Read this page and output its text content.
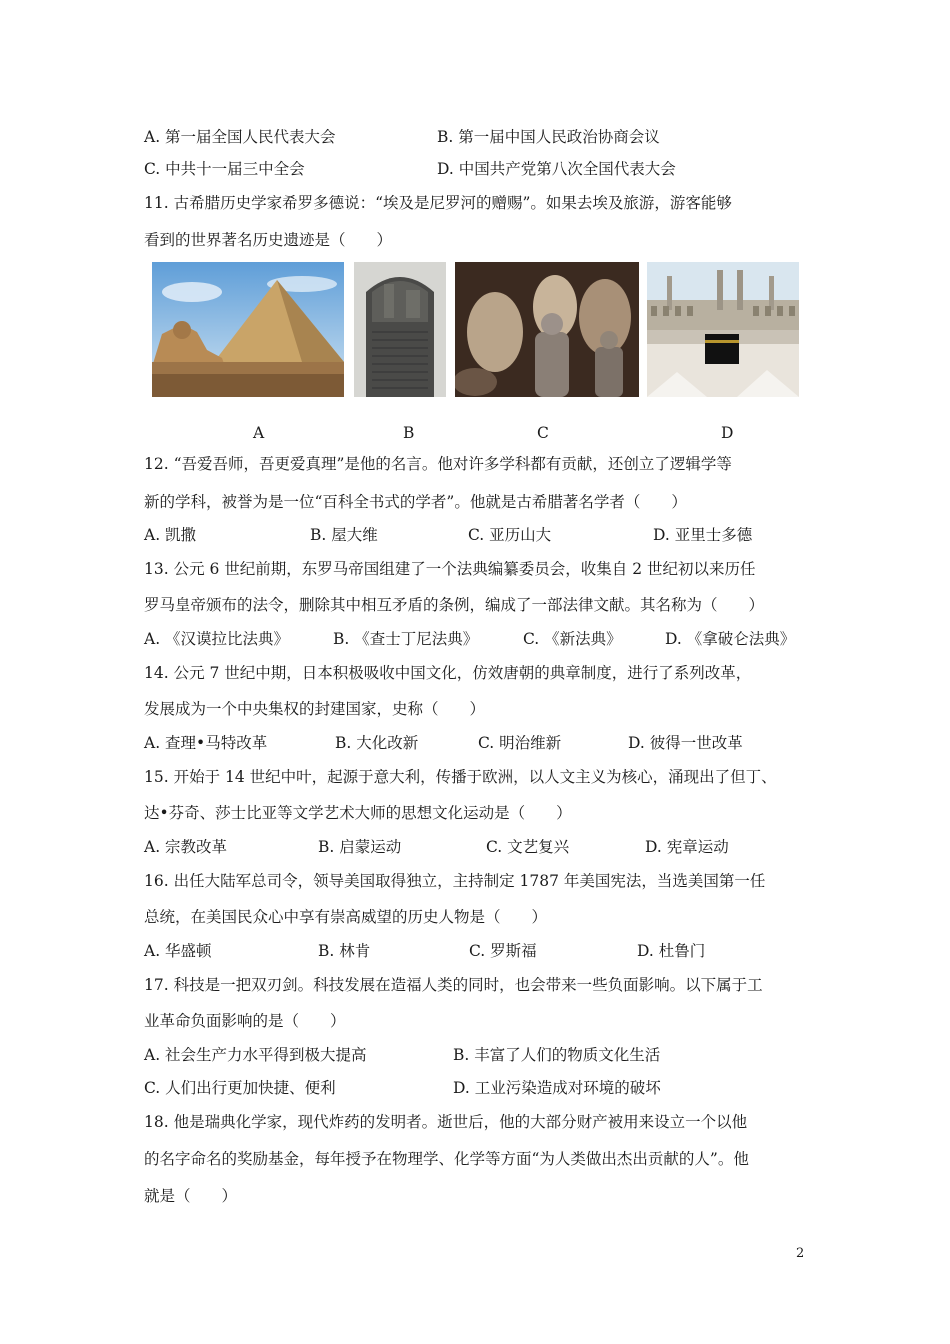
A. 第一届全国人民代表大会	B. 第一届中国人民政治协商会议
C. 中共十一届三中全会	D. 中国共产党第八次全国代表大会
11. 古希腊历史学家希罗多德说：“埃及是尼罗河的赠赐”。如果去埃及旅游，游客能够
看到的世界著名历史遗迹是（　　）
A	B	C	D
12. “吾爱吾师，吾更爱真理”是他的名言。他对许多学科都有贡献，还创立了逻辑学等
新的学科，被誉为是一位“百科全书式的学者”。他就是古希腊著名学者（　　）
A. 凯撒	B. 屋大维	C. 亚历山大	D. 亚里士多德
13. 公元 6 世纪前期，东罗马帝国组建了一个法典编纂委员会，收集自 2 世纪初以来历任
罗马皇帝颁布的法令，删除其中相互矛盾的条例，编成了一部法律文献。其名称为（　　）
A. 《汉谟拉比法典》	B. 《查士丁尼法典》	C. 《新法典》	D. 《拿破仑法典》
14. 公元 7 世纪中期，日本积极吸收中国文化，仿效唐朝的典章制度，进行了系列改革，
发展成为一个中央集权的封建国家，史称（　　）
A. 查理•马特改革	B. 大化改新	C. 明治维新	D. 彼得一世改革
15. 开始于 14 世纪中叶，起源于意大利，传播于欧洲，以人文主义为核心，涌现出了但丁、
达•芬奇、莎士比亚等文学艺术大师的思想文化运动是（　　）
A. 宗教改革	B. 启蒙运动	C. 文艺复兴	D. 宪章运动
16. 出任大陆军总司令，领导美国取得独立，主持制定 1787 年美国宪法，当选美国第一任
总统，在美国民众心中享有崇高威望的历史人物是（　　）
A. 华盛顿	B. 林肯	C. 罗斯福	D. 杜鲁门
17. 科技是一把双刃剑。科技发展在造福人类的同时，也会带来一些负面影响。以下属于工
业革命负面影响的是（　　）
A. 社会生产力水平得到极大提高	B. 丰富了人们的物质文化生活
C. 人们出行更加快捷、便利	D. 工业污染造成对环境的破坏
18. 他是瑞典化学家，现代炸药的发明者。逝世后，他的大部分财产被用来设立一个以他
的名字命名的奖励基金，每年授予在物理学、化学等方面“为人类做出杰出贡献的人”。他
就是（　　）
2
